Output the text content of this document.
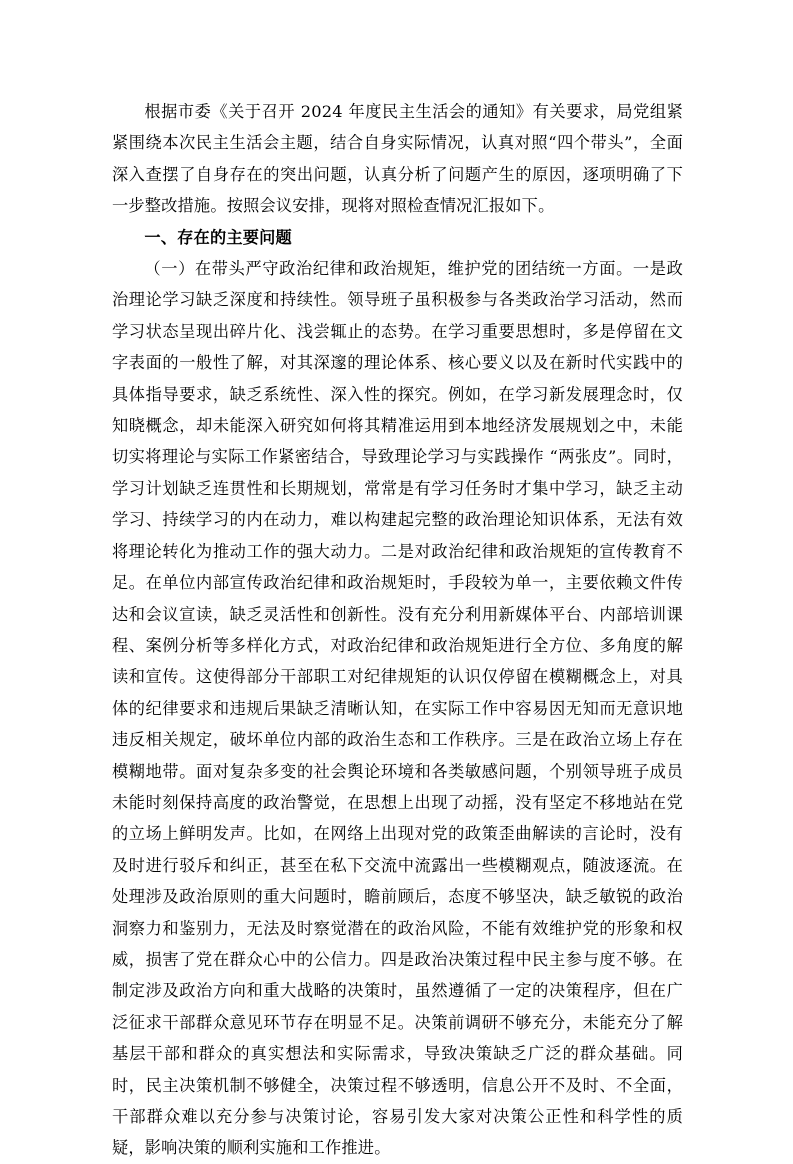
根据市委《关于召开 2024 年度民主生活会的通知》有关要求，局党组紧紧围绕本次民主生活会主题，结合自身实际情况，认真对照“四个带头”，全面深入查摆了自身存在的突出问题，认真分析了问题产生的原因，逐项明确了下一步整改措施。按照会议安排，现将对照检查情况汇报如下。

一、存在的主要问题

（一）在带头严守政治纪律和政治规矩，维护党的团结统一方面。一是政治理论学习缺乏深度和持续性。领导班子虽积极参与各类政治学习活动，然而学习状态呈现出碎片化、浅尝辄止的态势。在学习重要思想时，多是停留在文字表面的一般性了解，对其深邃的理论体系、核心要义以及在新时代实践中的具体指导要求，缺乏系统性、深入性的探究。例如，在学习新发展理念时，仅知晓概念，却未能深入研究如何将其精准运用到本地经济发展规划之中，未能切实将理论与实际工作紧密结合，导致理论学习与实践操作 “两张皮”。同时，学习计划缺乏连贯性和长期规划，常常是有学习任务时才集中学习，缺乏主动学习、持续学习的内在动力，难以构建起完整的政治理论知识体系，无法有效将理论转化为推动工作的强大动力。二是对政治纪律和政治规矩的宣传教育不足。在单位内部宣传政治纪律和政治规矩时，手段较为单一，主要依赖文件传达和会议宣读，缺乏灵活性和创新性。没有充分利用新媒体平台、内部培训课程、案例分析等多样化方式，对政治纪律和政治规矩进行全方位、多角度的解读和宣传。这使得部分干部职工对纪律规矩的认识仅停留在模糊概念上，对具体的纪律要求和违规后果缺乏清晰认知，在实际工作中容易因无知而无意识地违反相关规定，破坏单位内部的政治生态和工作秩序。三是在政治立场上存在模糊地带。面对复杂多变的社会舆论环境和各类敏感问题，个别领导班子成员未能时刻保持高度的政治警觉，在思想上出现了动摇，没有坚定不移地站在党的立场上鲜明发声。比如，在网络上出现对党的政策歪曲解读的言论时，没有及时进行驳斥和纠正，甚至在私下交流中流露出一些模糊观点，随波逐流。在处理涉及政治原则的重大问题时，瞻前顾后，态度不够坚决，缺乏敏锐的政治洞察力和鉴别力，无法及时察觉潜在的政治风险，不能有效维护党的形象和权威，损害了党在群众心中的公信力。四是政治决策过程中民主参与度不够。在制定涉及政治方向和重大战略的决策时，虽然遵循了一定的决策程序，但在广泛征求干部群众意见环节存在明显不足。决策前调研不够充分，未能充分了解基层干部和群众的真实想法和实际需求，导致决策缺乏广泛的群众基础。同时，民主决策机制不够健全，决策过程不够透明，信息公开不及时、不全面，干部群众难以充分参与决策讨论，容易引发大家对决策公正性和科学性的质疑，影响决策的顺利实施和工作推进。
